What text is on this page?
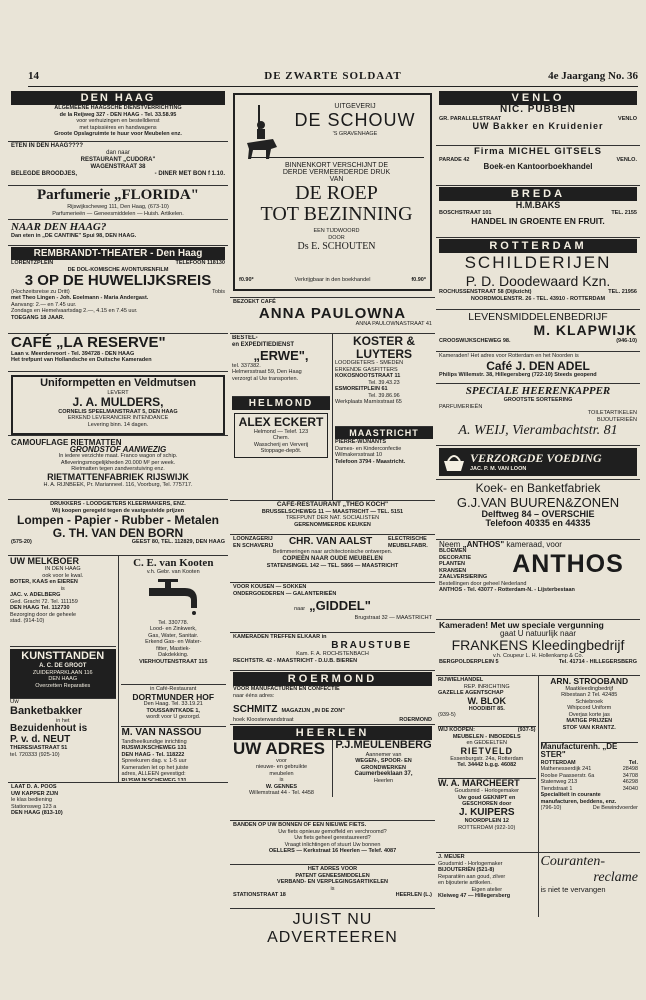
14	DE ZWARTE SOLDAAT	4e Jaargang No. 36
DEN HAAG
ALGEMEENE HAAGSCHE DIENSTVERRICHTING
de la Reijweg 327 - DEN HAAG - Tel. 33.58.95
voor verhuizingen en bestelldienst
met tapissières en handwagens
Groote Opslagruimte te huur voor Meubelen enz.
ETEN IN DEN HAAG????
dan naar
RESTAURANT „CUDORA"
WAGENSTRAAT 38
BELEGDE BROODJES,	- DINER MET BON f 1.10.
Parfumerie „FLORIDA"
Rijswijkscheweg 111, Den Haag, (673-10)
Parfumerieën — Geneesmiddelen — Huish. Artikelen.
NAAR DEN HAAG?
Dan eten in „DE CANTINE" Spui 98, DEN HAAG.
REMBRANDT-THEATER - Den Haag
LORENTZPLEIN	TELEFOON 118130
DE DOL-KOMISCHE AVONTURENFILM
3 OP DE HUWELIJKSREIS
(Hochzeitsreise zu Dritt)	Tobis
met Theo Lingen - Joh. Eoelmann - Maria Andergast.
Aanvang: 2.— en 7.45 uur.
Zondags en Hemelvaartsdag 2.—, 4.15 en 7.45 uur.
TOEGANG 18 JAAR.
CAFÉ „LA RESERVE"
Laan v. Meerdervoort - Tel. 394728 - DEN HAAG
Het trefpunt van Hollandsche en Duitsche Kameraden
Uniformpetten en Veldmutsen
LEVERT
J. A. MULDERS,
CORNELIS SPEELMANSTRAAT 5, DEN HAAG
ERKEND LEVERANCIER INTENDANCE
Levering binn. 14 dagen.
CAMOUFLAGE RIETMATTEN
GRONDSTOF AANWEZIG
In iedere verzichte maat. Franco wagon of schip.
Afleveringsmogelijkheden 20.000 M² per week.
Rietmatten tegen zandverstuiving enz.
RIETMATTENFABRIEK RIJSWIJK
H. A. RIJNBEEK, Pr. Marianneel. 116, Voorburg, Tel. 775717.
DRUKKERS - LOODGIETERS KLEERMAKERS, ENZ.
Wij koopen geregeld tegen de vastgestelde prijzen
Lompen - Papier - Rubber - Metalen
G. TH. VAN DEN BORN
(575-20)	GEEST 80, TEL. 112829, DEN HAAG
UW MELKBOER
IN DEN HAAG
ook voor le kwal.
BOTER, KAAS en EIEREN
is
JAC. v. ADELBERG
Ged. Gracht 72. Tel. 111159
DEN HAAG Tel. 112730
Bezorging door de geheele
stad. (914-10)
KUNSTTANDEN
A. C. DE GROOT
ZUIDERPARKLAAN 116
DEN HAAG
Overzetten Reparaties
Uw
Banketbakker
in het
Bezuidenhout is
P. v. d. NEUT
THERESIASTRAAT 51
tel. 720333 (925-10)
C. E. van Kooten
v.h. Gebr. van Kooten
Tel. 330778.
Lood- en Zinkwerk,
Gas, Water, Sanitair.
Erkend Gas- en Water-
fitter, Mastiek-
Dakdekking.
VIERHOUTENSTRAAT 115
in Café-Restaurant
DORTMUNDER HOF
Den Haag. Tel. 33.19.21
TOUSSAINTKADE 1,
wordt voor U gezorgd.
M. VAN NASSOU
Tandheelkundige inrichting
RIJSWIJKSCHEWEG 131
DEN HAAG - Tel. 118222
Spreekuren dag. v. 1-5 uur
Kameraden let op het juiste
adres, ALLEEN gevestigd:
RIJSWIJKSCHEWEG 131
LAAT D. A. POOS
UW KAPPER ZIJN
le klas bediening
Stationsweg 123 a
DEN HAAG (813-10)
UITGEVERIJ
DE SCHOUW
'S GRAVENHAGE
BINNENKORT VERSCHIJNT DE
DERDE VERMEERDERDE DRUK
VAN
DE ROEP
TOT BEZINNING
EEN TIJDWOORD
DOOR
Ds E. SCHOUTEN
f0.90*	Verkrijgbaar in den boekhandel	f0.90*
BEZOEKT CAFÉ
ANNA PAULOWNA
ANNA PAULOWNASTRAAT 41
BESTEL-
en EXPEDITIEDIENST
„ERWE",
tel. 337382.
Helmersstraat 59, Den Haag
verzorgt al Uw transporten.
HELMOND
ALEX ECKERT
Helmond — Telef. 123
Chem.
Wasscherij en Ververij
Stoppage-depôt.
KOSTER & LUYTERS
LOODGIETERS - SMEDEN
ERKENDE GASFITTERS
KOKOSNOOTSTRAAT 11
Tel. 39.43.23
ESMOREITPLEIN 61
Tel. 39.86.96
Werkplaats Marnixstraat 65
MAASTRICHT
PIERRE-WIJNANTS
Dames- en Kinderconfectie
Wilmakersstraat 10
Telefoon 3794 - Maastricht.
CAFÉ-RESTAURANT „THEO KOCH"
BRUSSELSCHEWEG 11 — MAASTRICHT — TEL. 5151
TREFPUNT DER NAT. SOCIALISTEN
GERENOMMEERDE KEUKEN
LOONZAGERIJ
EN SCHAVERIJ CHR. VAN AALST	ELECTRISCHE MEUBELFABR.
Betimmeringen naar architectonische ontwerpen.
COPIEËN NAAR OUDE MEUBELEN
STATENSINGEL 142 — TEL. 5866 — MAASTRICHT
VOOR KOUSEN — SOKKEN
ONDERGOEDEREN — GALANTERIEËN
naar „GIDDEL"
Brugstraat 32 — MAASTRICHT
KAMERADEN TREFFEN ELKAAR in
BRAUSTUBE
Kam. F. A. ROCHSTENBACH
RECHTSTR. 42 - MAASTRICHT - D.U.B. BIEREN
ROERMOND
VOOR MANUFACTUREN EN CONFECTIE
naar ééns adres:
SCHMITZ MAGAZIJN „IN DE ZON"
hoek Kloosterwandstraat	ROERMOND
HEERLEN
UW ADRES
voor
nieuwe- en gebruikte
meubelen
is
W. GENNES
Willemstraat 44 - Tel. 4458
P.J.MEULENBERG
Aannemer van
WEGEN-, SPOOR- EN
GRONDWERKEN
Caumerbeeklaan 37,
Heerlen
BANDEN OP UW BONNEN OF EEN NIEUWE FIETS.
Uw fiets opnieuw gemoffeld en verchroomd?
Uw fiets geheel gerestaureerd?
Vraagt inlichtingen of stuurt Uw bonnen
OELLERS — Kerkstraat 16 Heerlen — Telef. 4087
HET ADRES VOOR
PATENT GENEESMIDDELEN
VERBAND- EN VERPLEGINGSARTIKELEN
is
STATIONSTRAAT 18	HEERLEN (L.)
JUIST NU ADVERTEEREN
VENLO
NIC. PUBBEN
GR. PARALLELSTRAAT	VENLO
UW Bakker en Kruidenier
Firma MICHEL GITSELS
PARADE 42	VENLO.
Boek-en Kantoorboekhandel
BREDA
H.M.BAKS
BOSCHSTRAAT 101	TEL. 2155
HANDEL IN GROENTE EN FRUIT.
ROTTERDAM
SCHILDERIJEN
P. D. Doodewaard Kzn.
ROCHUSSENSTRAAT 58 (Dijkzicht)	TEL. 21956
NOORDMOLENSTR. 26 - TEL. 43910 - ROTTERDAM
LEVENSMIDDELENBEDRIJF
M. KLAPWIJK
CROOSWIJKSCHEWEG 98.	(946-10)
Kameraden! Het adres voor Rotterdam en het Noorden is
Café J. DEN ADEL
Philips Willemstr. 38, Hillegersberg (722-10) Steeds geopend
SPECIALE HEERENKAPPER
GROOTSTE SORTEERING
PARFUMERIEËN
TOILETARTIKELEN
BIJOUTERIEËN
A. WEIJ, Vierambachtstr. 81
VERZORGDE VOEDING
JAC. P. M. VAN LOON
Koek- en Banketfabriek
G.J.VAN BUUREN&ZONEN
Delftweg 84 – OVERSCHIE
Telefoon 40335 en 44335
Neem „ANTHOS" kameraad, voor
BLOEMEN
DECORATIE
PLANTEN
KRANSEN
ZAALVERSIERING	ANTHOS
Bestellingen door geheel Nederland
ANTHOS - Tel. 43077 - Rotterdam-N. - Lijsterbestaan
Kameraden! Met uw speciale vergunning
gaat U natuurlijk naar
FRANKENS Kleedingbedrijf
v.h. Coupeur L. H. Hollenkamp & Co.
BERGPOLDERPLEIN 5	Tel. 41714 - HILLEGERSBERG
RIJWIELHANDEL
REP. INRICHTING
GAZELLE AGENTSCHAP
W. BLOK
HOODIBIT 85.
(939-5)
WIJ KOOPEN:	(937-5)
MEUBELEN - INBOEDELS
en GEDEELTEN
RIETVELD
Essenburgstr. 24a, Rotterdam
Tel. 34442 b.g.g. 46082
W. A. MARCHEERT
Goudsmid - Horlogemaker
Uw goud GEKNIPT en
GESCHOREN door
J. KUIPERS
NOORDPLEIN 12
ROTTERDAM (922-10)
ARN. STROOBAND
Maatkleedingbedrijf
Ribestaan 2 Tel. 42485
Schiebroek
Whipcord Uniform
Overjas korte jas
MATIGE PRIJZEN
STOF VAN KRANTZ.
Manufacturenh. „DE STER"
ROTTERDAM	Tel.
Mathenesserdijk 241	28498
Roolse Paasserstr. 6a	34708
Statenweg 213	46298
Tiendstraat 1	34040
Specialiteit in courante
manufacturen, beddens, enz.
(796-10)	De Bewindvoerder
J. MEIJER
Goudsmid - Horlogemaker
BIJOUTERIËN (521-8)
Reparatiën aan goud, zilver
en bijouterie artikelen.
Eigen atelier
Kleiweg 47 — Hillegersberg
Couranten-
reclame
is niet te vervangen
